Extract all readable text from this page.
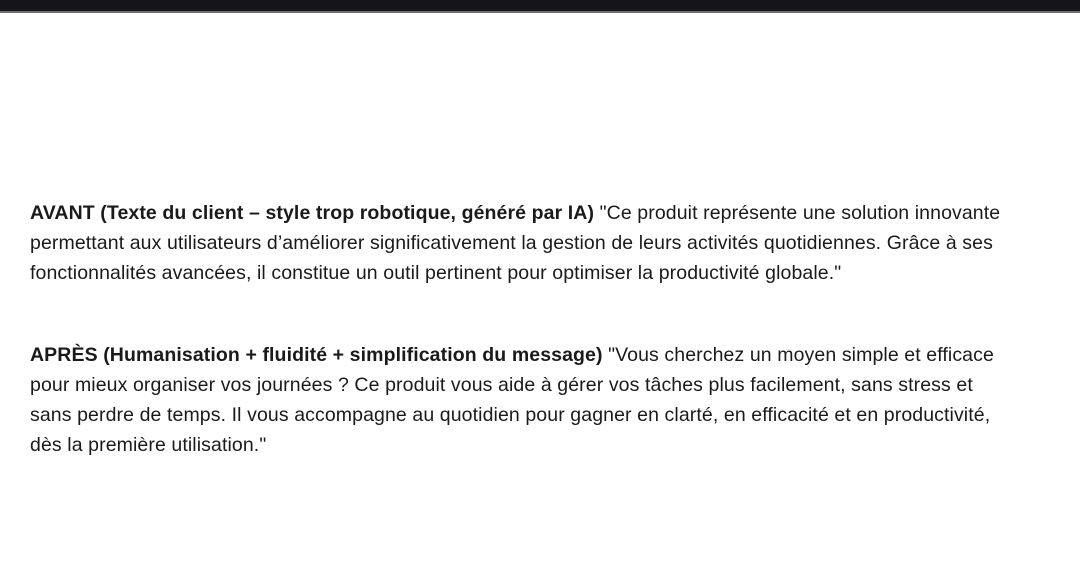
AVANT (Texte du client – style trop robotique, généré par IA) "Ce produit représente une solution innovante permettant aux utilisateurs d’améliorer significativement la gestion de leurs activités quotidiennes. Grâce à ses fonctionnalités avancées, il constitue un outil pertinent pour optimiser la productivité globale."

APRÈS (Humanisation + fluidité + simplification du message) "Vous cherchez un moyen simple et efficace pour mieux organiser vos journées ? Ce produit vous aide à gérer vos tâches plus facilement, sans stress et sans perdre de temps. Il vous accompagne au quotidien pour gagner en clarté, en efficacité et en productivité, dès la première utilisation."
